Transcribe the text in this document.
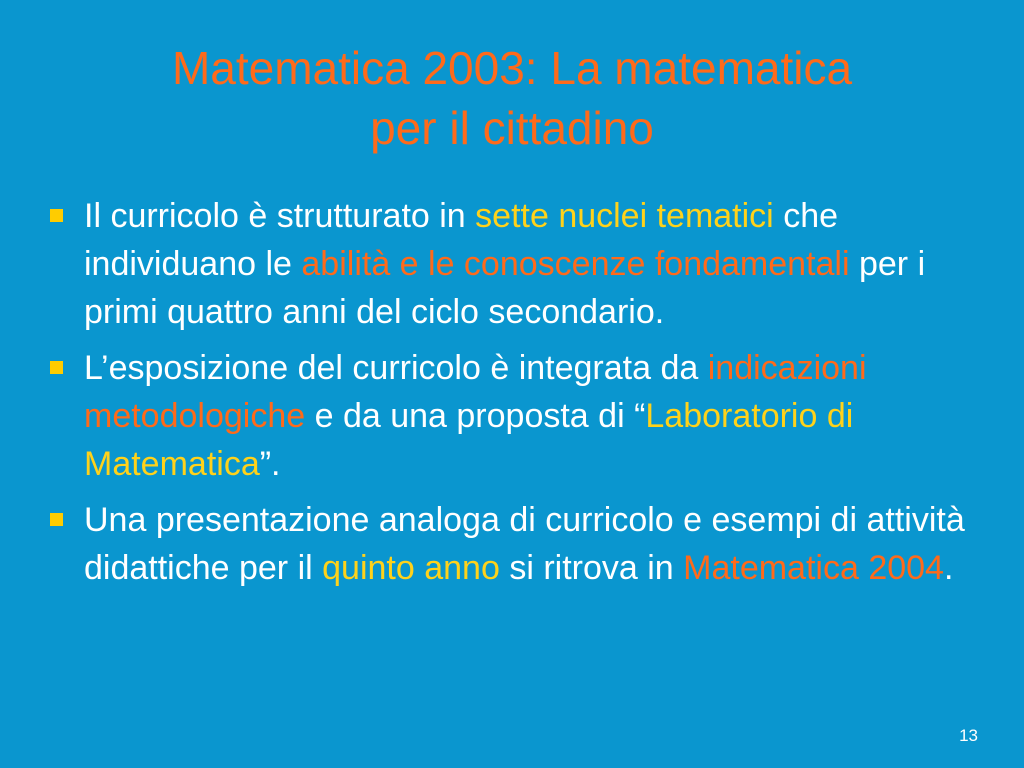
Matematica 2003: La matematica
per il cittadino
Il curricolo è strutturato in sette nuclei tematici che individuano le abilità e le conoscenze fondamentali per i primi quattro anni del ciclo secondario.
L’esposizione del curricolo è integrata da indicazioni metodologiche e da una proposta di “Laboratorio di Matematica”.
Una presentazione analoga di curricolo e esempi di attività didattiche per il quinto anno si ritrova in Matematica 2004.
13
